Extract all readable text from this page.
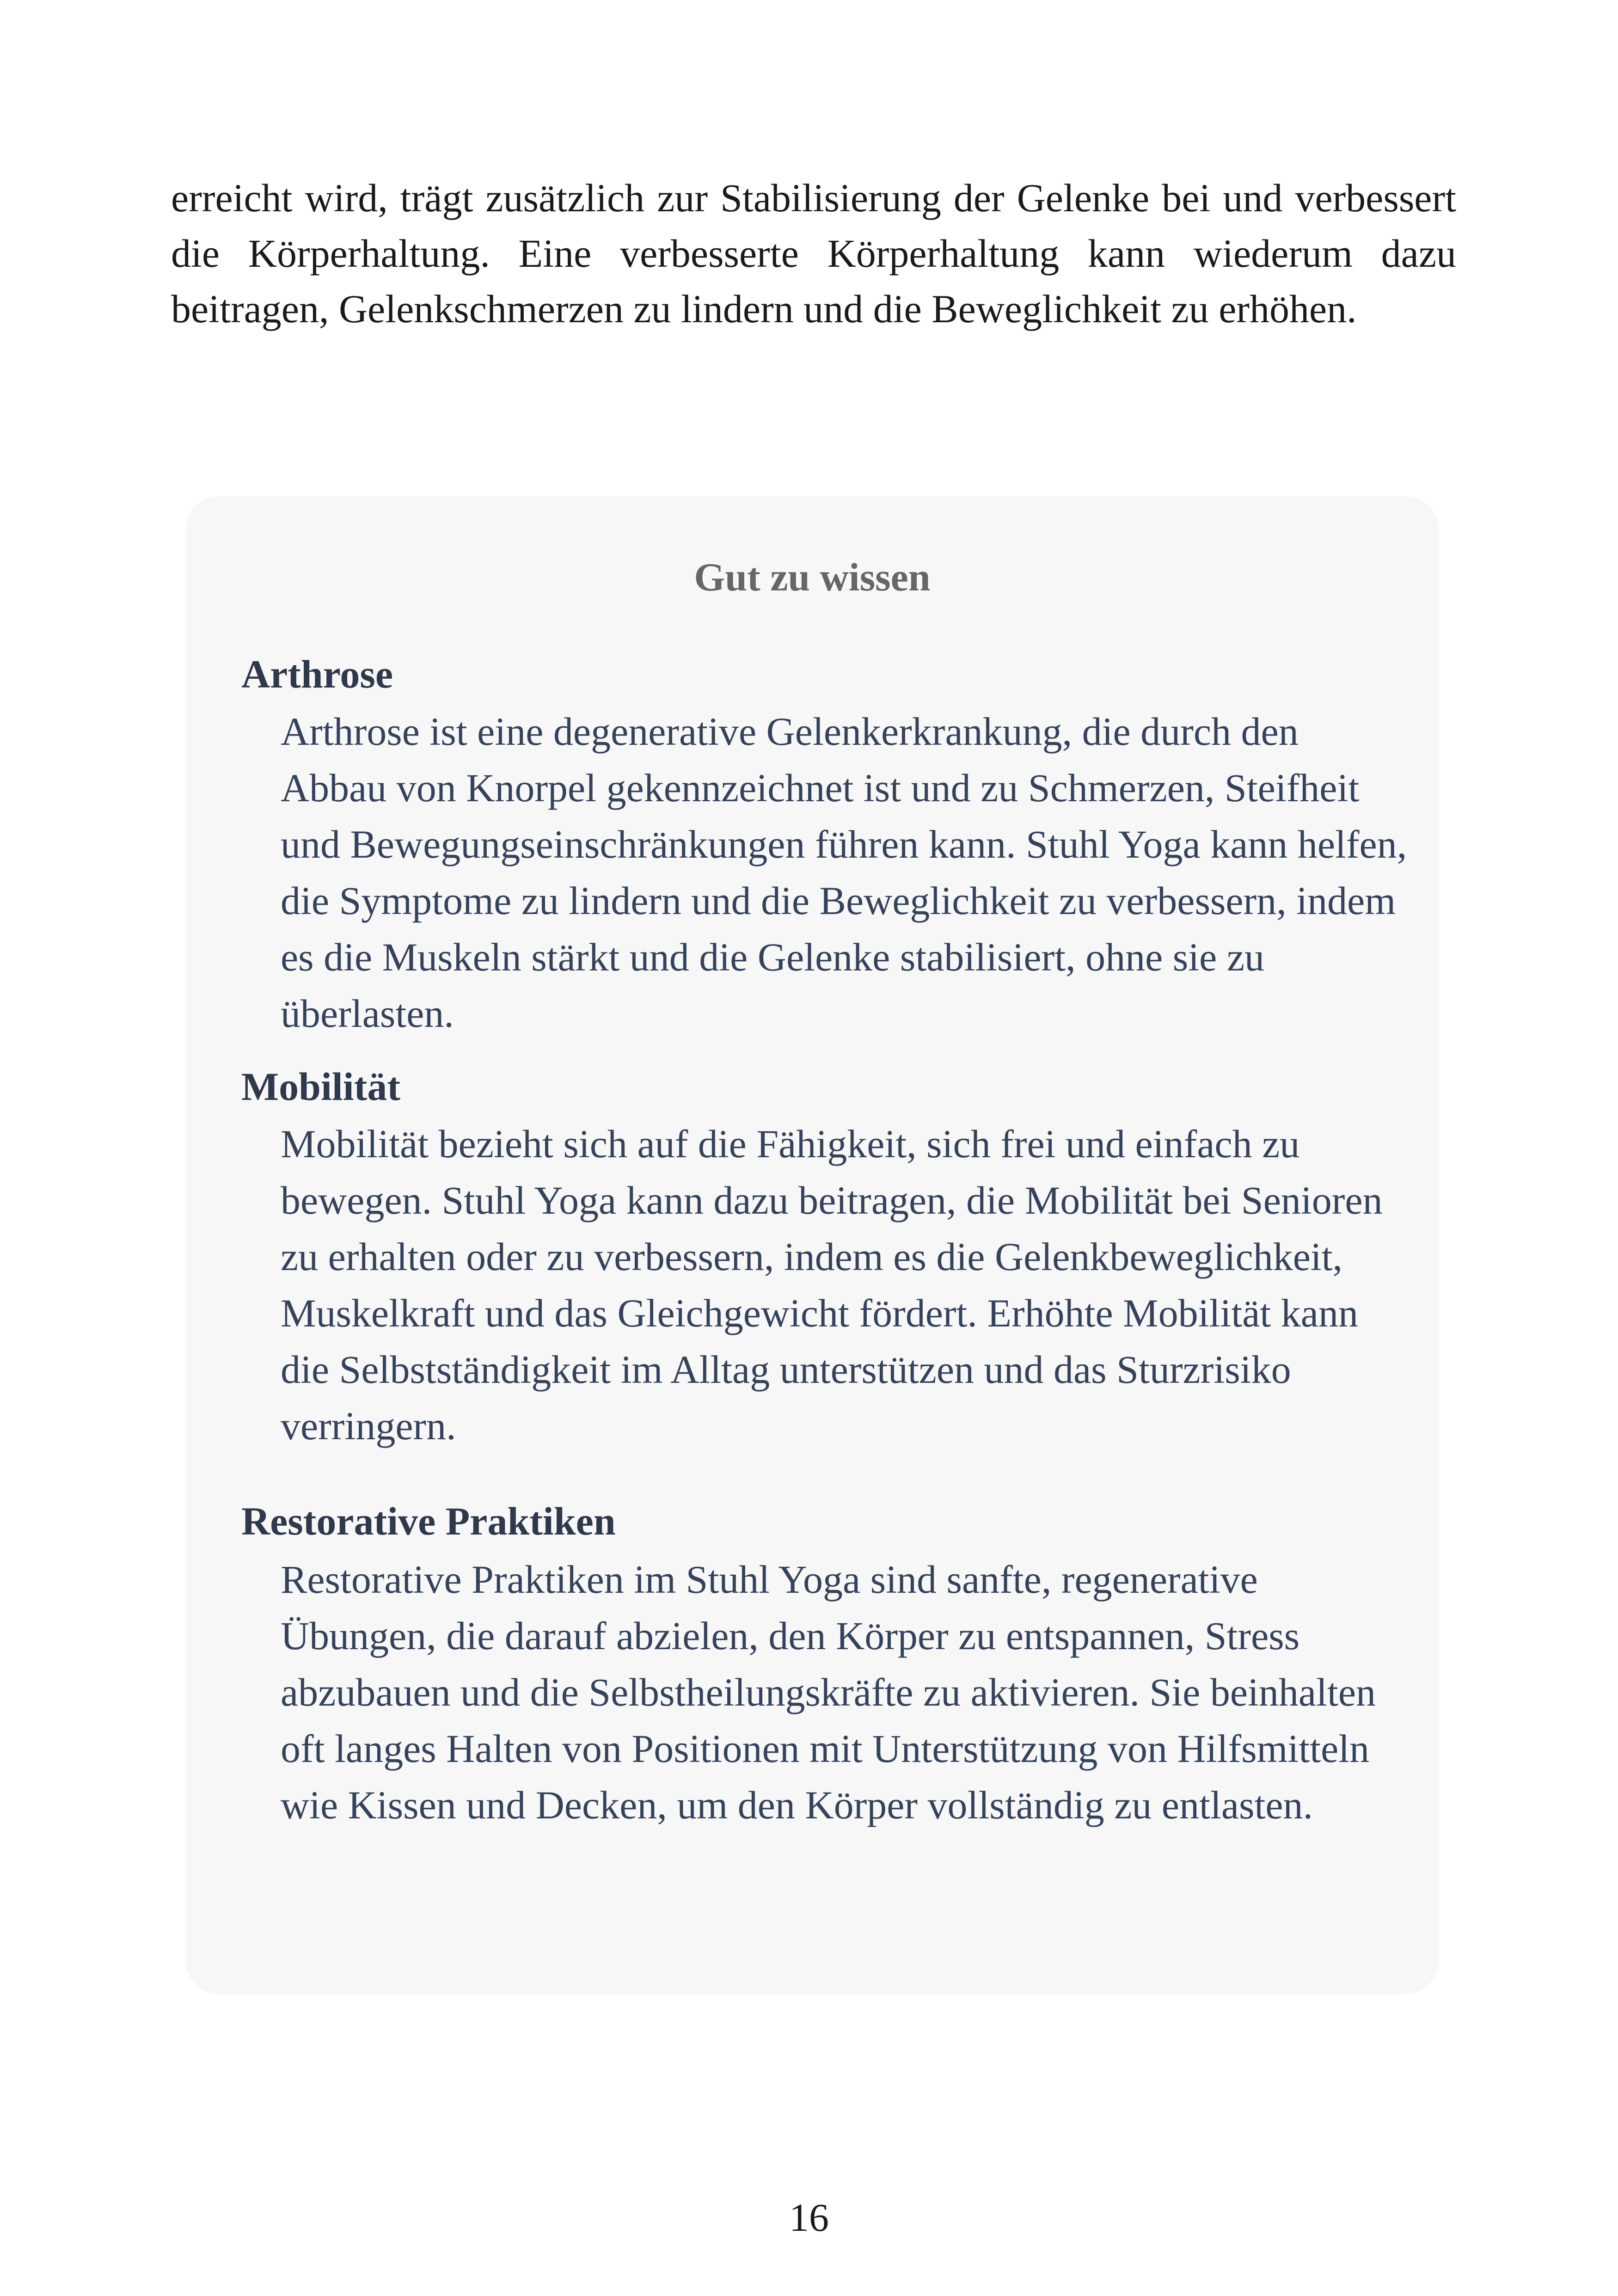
erreicht wird, trägt zusätzlich zur Stabilisierung der Gelenke bei und verbessert die Körperhaltung. Eine verbesserte Körperhaltung kann wiederum dazu beitragen, Gelenkschmerzen zu lindern und die Beweglichkeit zu erhöhen.

Gut zu wissen
Arthrose

Arthrose ist eine degenerative Gelenkerkrankung, die durch den Abbau von Knorpel gekennzeichnet ist und zu Schmerzen, Steifheit und Bewegungseinschränkungen führen kann. Stuhl Yoga kann helfen, die Symptome zu lindern und die Beweglichkeit zu verbessern, indem es die Muskeln stärkt und die Gelenke stabilisiert, ohne sie zu überlasten.

Mobilität

Mobilität bezieht sich auf die Fähigkeit, sich frei und einfach zu bewegen. Stuhl Yoga kann dazu beitragen, die Mobilität bei Senioren zu erhalten oder zu verbessern, indem es die Gelenkbeweglichkeit, Muskelkraft und das Gleichgewicht fördert. Erhöhte Mobilität kann die Selbstständigkeit im Alltag unterstützen und das Sturzrisiko verringern.

Restorative Praktiken

Restorative Praktiken im Stuhl Yoga sind sanfte, regenerative Übungen, die darauf abzielen, den Körper zu entspannen, Stress abzubauen und die Selbstheilungskräfte zu aktivieren. Sie beinhalten oft langes Halten von Positionen mit Unterstützung von Hilfsmitteln wie Kissen und Decken, um den Körper vollständig zu entlasten.

16
